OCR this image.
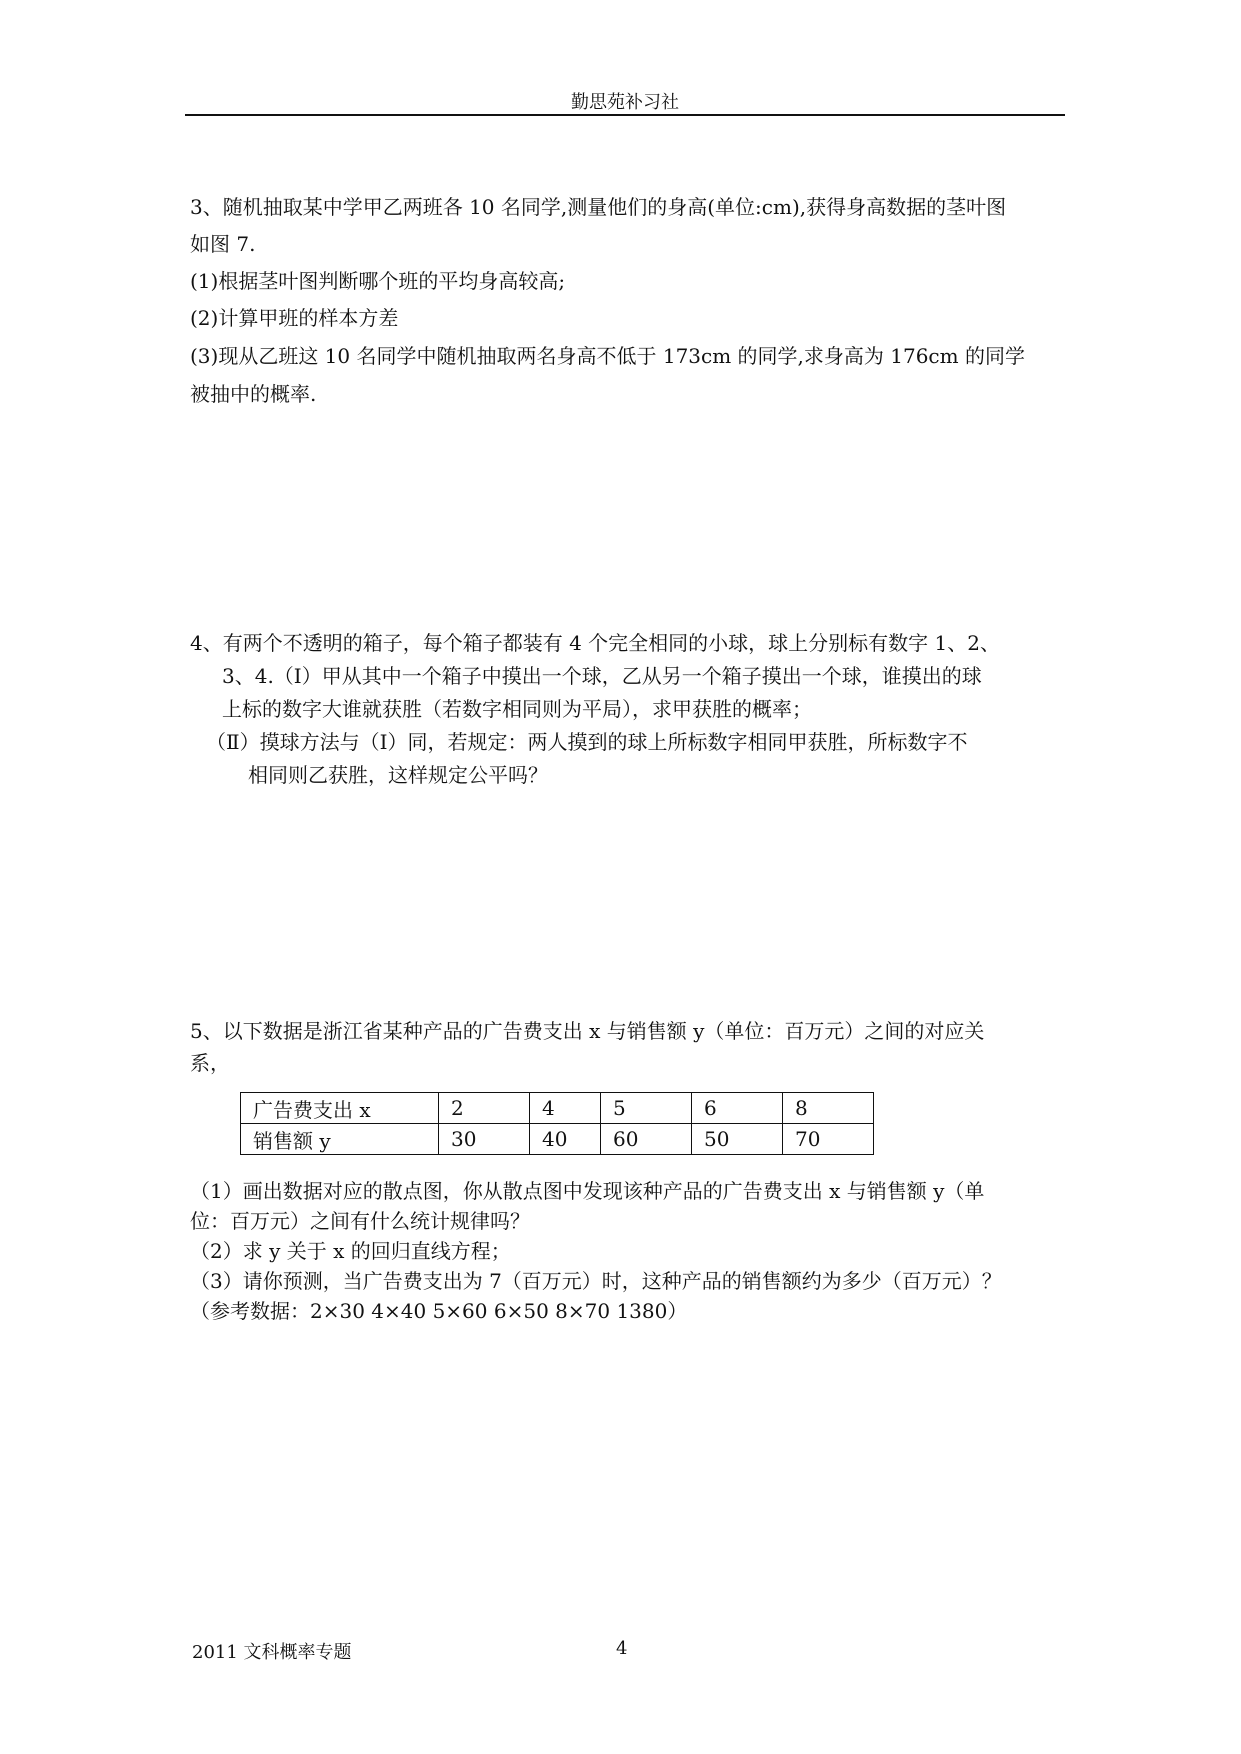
勤思苑补习社
3、随机抽取某中学甲乙两班各 10 名同学,测量他们的身高(单位:cm),获得身高数据的茎叶图
如图 7.
(1)根据茎叶图判断哪个班的平均身高较高;
(2)计算甲班的样本方差
(3)现从乙班这 10 名同学中随机抽取两名身高不低于 173cm 的同学,求身高为 176cm 的同学
被抽中的概率.
4、有两个不透明的箱子，每个箱子都装有 4 个完全相同的小球，球上分别标有数字 1、2、
3、4.（Ⅰ）甲从其中一个箱子中摸出一个球，乙从另一个箱子摸出一个球，谁摸出的球
上标的数字大谁就获胜（若数字相同则为平局），求甲获胜的概率；
（Ⅱ）摸球方法与（Ⅰ）同，若规定：两人摸到的球上所标数字相同甲获胜，所标数字不
相同则乙获胜，这样规定公平吗？
5、以下数据是浙江省某种产品的广告费支出 x 与销售额 y（单位：百万元）之间的对应关
系，
广告费支出 x	2	4	5	6	8
销售额 y	30	40	60	50	70
（1）画出数据对应的散点图，你从散点图中发现该种产品的广告费支出 x 与销售额 y（单
位：百万元）之间有什么统计规律吗？
（2）求 y 关于 x 的回归直线方程；
（3）请你预测，当广告费支出为 7（百万元）时，这种产品的销售额约为多少（百万元）？
（参考数据：2×30 4×40 5×60 6×50 8×70 1380）
2011 文科概率专题	4
